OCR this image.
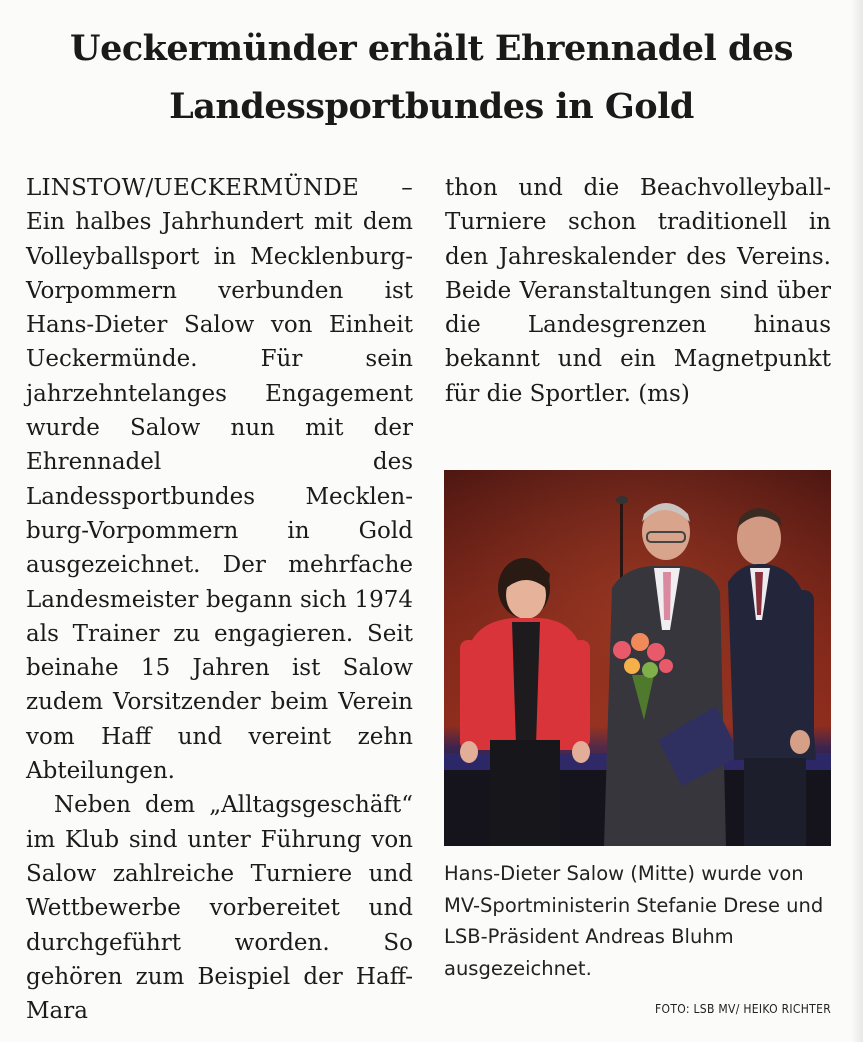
Ueckermünder erhält Ehrennadel des Landessportbundes in Gold

LINSTOW/UECKERMÜNDE – Ein halbes Jahrhundert mit dem Volleyballsport in Mecklenburg-Vorpommern verbunden ist Hans-Dieter Salow von Einheit Ueckermünde. Für sein jahrzehntelanges Engagement wurde Salow nun mit der Ehrennadel des Landessportbundes Mecklenburg-Vorpommern in Gold ausgezeichnet. Der mehrfache Landesmeister begann sich 1974 als Trainer zu engagieren. Seit beinahe 15 Jahren ist Salow zudem Vorsitzender beim Verein vom Haff und vereint zehn Abteilungen.

Neben dem „Alltagsgeschäft“ im Klub sind unter Führung von Salow zahlreiche Turniere und Wettbewerbe vorbereitet und durchgeführt worden. So gehören zum Beispiel der Haff-Mara

thon und die Beachvolleyball-Turniere schon traditionell in den Jahreskalender des Vereins. Beide Veranstaltungen sind über die Landesgrenzen hinaus bekannt und ein Magnetpunkt für die Sportler. (ms)

Hans-Dieter Salow (Mitte) wurde von MV-Sportministerin Stefanie Drese und LSB-Präsident Andreas Bluhm ausgezeichnet.
FOTO: LSB MV/ HEIKO RICHTER
